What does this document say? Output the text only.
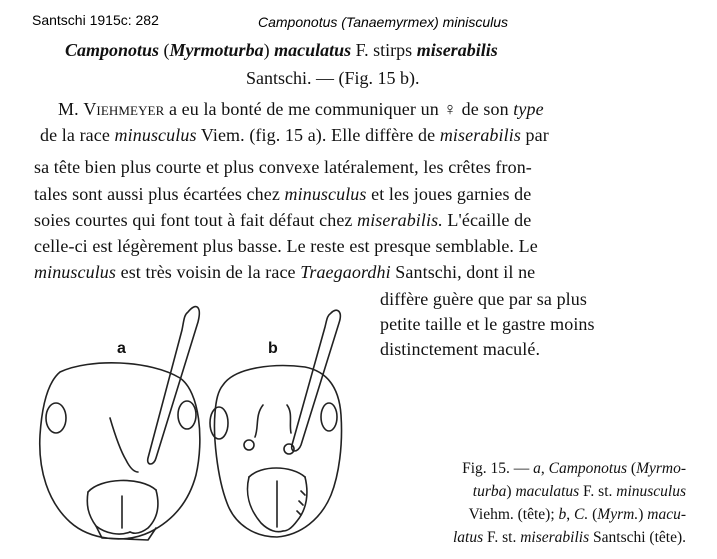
Santschi 1915c: 282	Camponotus (Tanaemyrmex) minisculus
Camponotus (Myrmoturba) maculatus F. stirps miserabilis
Santschi. — (Fig. 15 b).
M. Viehmeyer a eu la bonté de me communiquer un ♀ de son type
de la race minusculus Viem. (fig. 15 a). Elle diffère de miserabilis par
sa tête bien plus courte et plus convexe latéralement, les crêtes fron-
tales sont aussi plus écartées chez minusculus et les joues garnies de
soies courtes qui font tout à fait défaut chez miserabilis. L'écaille de
celle-ci est légèrement plus basse. Le reste est presque semblable. Le
minusculus est très voisin de la race Traegaordhi Santschi, dont il ne
diffère guère que par sa plus
petite taille et le gastre moins
distinctement maculé.
a	b
Fig. 15. — a, Camponotus (Myrmo-
turba) maculatus F. st. minusculus
Viehm. (tête); b, C. (Myrm.) macu-
latus F. st. miserabilis Santschi (tête).
